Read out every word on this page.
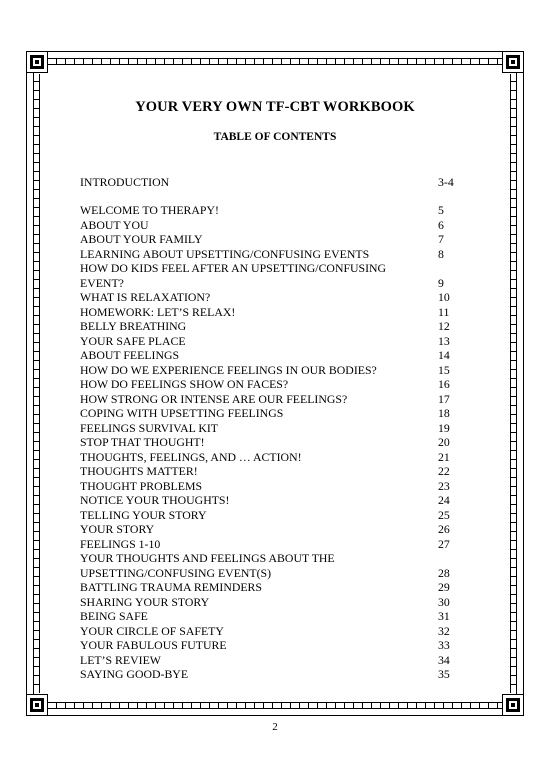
YOUR VERY OWN TF-CBT WORKBOOK
TABLE OF CONTENTS
INTRODUCTION	3-4
WELCOME TO THERAPY!	5
ABOUT YOU	6
ABOUT YOUR FAMILY	7
LEARNING ABOUT UPSETTING/CONFUSING EVENTS	8
HOW DO KIDS FEEL AFTER AN UPSETTING/CONFUSING
EVENT?	9
WHAT IS RELAXATION?	10
HOMEWORK: LET’S RELAX!	11
BELLY BREATHING	12
YOUR SAFE PLACE	13
ABOUT FEELINGS	14
HOW DO WE EXPERIENCE FEELINGS IN OUR BODIES?	15
HOW DO FEELINGS SHOW ON FACES?	16
HOW STRONG OR INTENSE ARE OUR FEELINGS?	17
COPING WITH UPSETTING FEELINGS	18
FEELINGS SURVIVAL KIT	19
STOP THAT THOUGHT!	20
THOUGHTS, FEELINGS, AND … ACTION!	21
THOUGHTS MATTER!	22
THOUGHT PROBLEMS	23
NOTICE YOUR THOUGHTS!	24
TELLING YOUR STORY	25
YOUR STORY	26
FEELINGS 1-10	27
YOUR THOUGHTS AND FEELINGS ABOUT THE
UPSETTING/CONFUSING EVENT(S)	28
BATTLING TRAUMA REMINDERS	29
SHARING YOUR STORY	30
BEING SAFE	31
YOUR CIRCLE OF SAFETY	32
YOUR FABULOUS FUTURE	33
LET’S REVIEW	34
SAYING GOOD-BYE	35
2
